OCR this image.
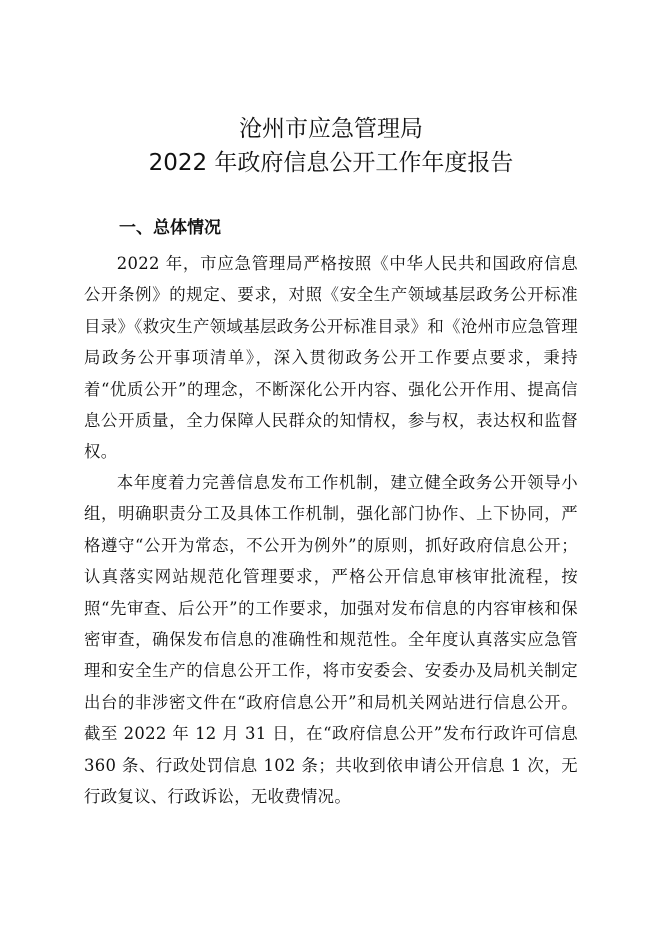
沧州市应急管理局
2022 年政府信息公开工作年度报告
一、总体情况

2022 年，市应急管理局严格按照《中华人民共和国政府信息公开条例》的规定、要求，对照《安全生产领域基层政务公开标准目录》《救灾生产领域基层政务公开标准目录》和《沧州市应急管理局政务公开事项清单》，深入贯彻政务公开工作要点要求，秉持着“优质公开”的理念，不断深化公开内容、强化公开作用、提高信息公开质量，全力保障人民群众的知情权，参与权，表达权和监督权。

本年度着力完善信息发布工作机制，建立健全政务公开领导小组，明确职责分工及具体工作机制，强化部门协作、上下协同，严格遵守“公开为常态，不公开为例外”的原则，抓好政府信息公开；认真落实网站规范化管理要求，严格公开信息审核审批流程，按照“先审查、后公开”的工作要求，加强对发布信息的内容审核和保密审查，确保发布信息的准确性和规范性。全年度认真落实应急管理和安全生产的信息公开工作，将市安委会、安委办及局机关制定出台的非涉密文件在“政府信息公开”和局机关网站进行信息公开。截至 2022 年 12 月 31 日，在“政府信息公开”发布行政许可信息 360 条、行政处罚信息 102 条；共收到依申请公开信息 1 次，无行政复议、行政诉讼，无收费情况。
